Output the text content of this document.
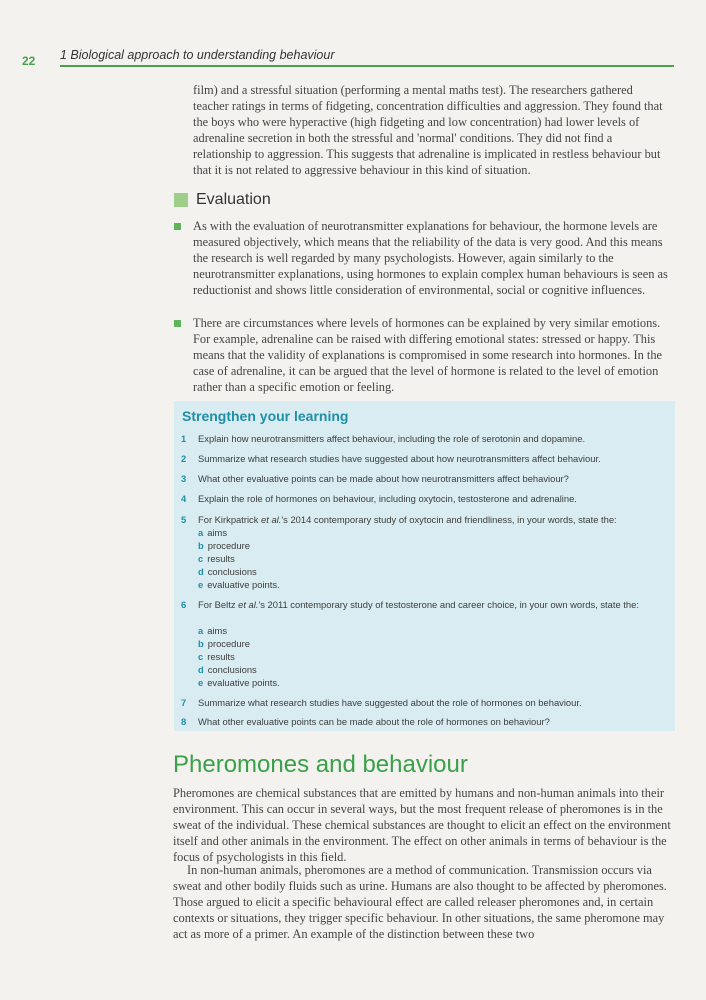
22 1 Biological approach to understanding behaviour

film) and a stressful situation (performing a mental maths test). The researchers gathered teacher ratings in terms of fidgeting, concentration difficulties and aggression. They found that the boys who were hyperactive (high fidgeting and low concentration) had lower levels of adrenaline secretion in both the stressful and 'normal' conditions. They did not find a relationship to aggression. This suggests that adrenaline is implicated in restless behaviour but that it is not related to aggressive behaviour in this kind of situation.

Evaluation

As with the evaluation of neurotransmitter explanations for behaviour, the hormone levels are measured objectively, which means that the reliability of the data is very good. And this means the research is well regarded by many psychologists. However, again similarly to the neurotransmitter explanations, using hormones to explain complex human behaviours is seen as reductionist and shows little consideration of environmental, social or cognitive influences.

There are circumstances where levels of hormones can be explained by very similar emotions. For example, adrenaline can be raised with differing emotional states: stressed or happy. This means that the validity of explanations is compromised in some research into hormones. In the case of adrenaline, it can be argued that the level of hormone is related to the level of emotion rather than a specific emotion or feeling.

Strengthen your learning
1 Explain how neurotransmitters affect behaviour, including the role of serotonin and dopamine.
2 Summarize what research studies have suggested about how neurotransmitters affect behaviour.
3 What other evaluative points can be made about how neurotransmitters affect behaviour?
4 Explain the role of hormones on behaviour, including oxytocin, testosterone and adrenaline.
5 For Kirkpatrick et al.'s 2014 contemporary study of oxytocin and friendliness, in your words, state the:
a aims
b procedure
c results
d conclusions
e evaluative points.
6 For Beltz et al.'s 2011 contemporary study of testosterone and career choice, in your own words, state the:
a aims
b procedure
c results
d conclusions
e evaluative points.
7 Summarize what research studies have suggested about the role of hormones on behaviour.
8 What other evaluative points can be made about the role of hormones on behaviour?
Pheromones and behaviour

Pheromones are chemical substances that are emitted by humans and non-human animals into their environment. This can occur in several ways, but the most frequent release of pheromones is in the sweat of the individual. These chemical substances are thought to elicit an effect on the environment itself and other animals in the environment. The effect on other animals in terms of behaviour is the focus of psychologists in this field.

In non-human animals, pheromones are a method of communication. Transmission occurs via sweat and other bodily fluids such as urine. Humans are also thought to be affected by pheromones. Those argued to elicit a specific behavioural effect are called releaser pheromones and, in certain contexts or situations, they trigger specific behaviour. In other situations, the same pheromone may act as more of a primer. An example of the distinction between these two
